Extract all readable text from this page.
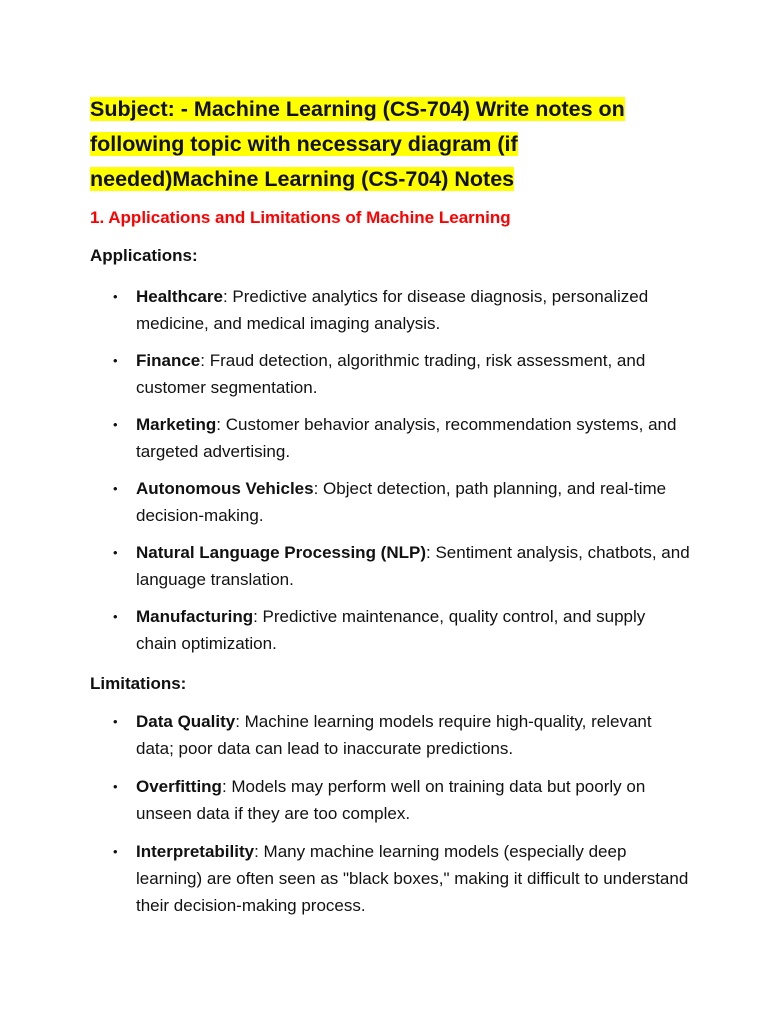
Subject: - Machine Learning (CS-704) Write notes on following topic with necessary diagram (if needed)Machine Learning (CS-704) Notes

1. Applications and Limitations of Machine Learning

Applications:

• Healthcare: Predictive analytics for disease diagnosis, personalized medicine, and medical imaging analysis.
• Finance: Fraud detection, algorithmic trading, risk assessment, and customer segmentation.
• Marketing: Customer behavior analysis, recommendation systems, and targeted advertising.
• Autonomous Vehicles: Object detection, path planning, and real-time decision-making.
• Natural Language Processing (NLP): Sentiment analysis, chatbots, and language translation.
• Manufacturing: Predictive maintenance, quality control, and supply chain optimization.

Limitations:

• Data Quality: Machine learning models require high-quality, relevant data; poor data can lead to inaccurate predictions.
• Overfitting: Models may perform well on training data but poorly on unseen data if they are too complex.
• Interpretability: Many machine learning models (especially deep learning) are often seen as "black boxes," making it difficult to understand their decision-making process.
